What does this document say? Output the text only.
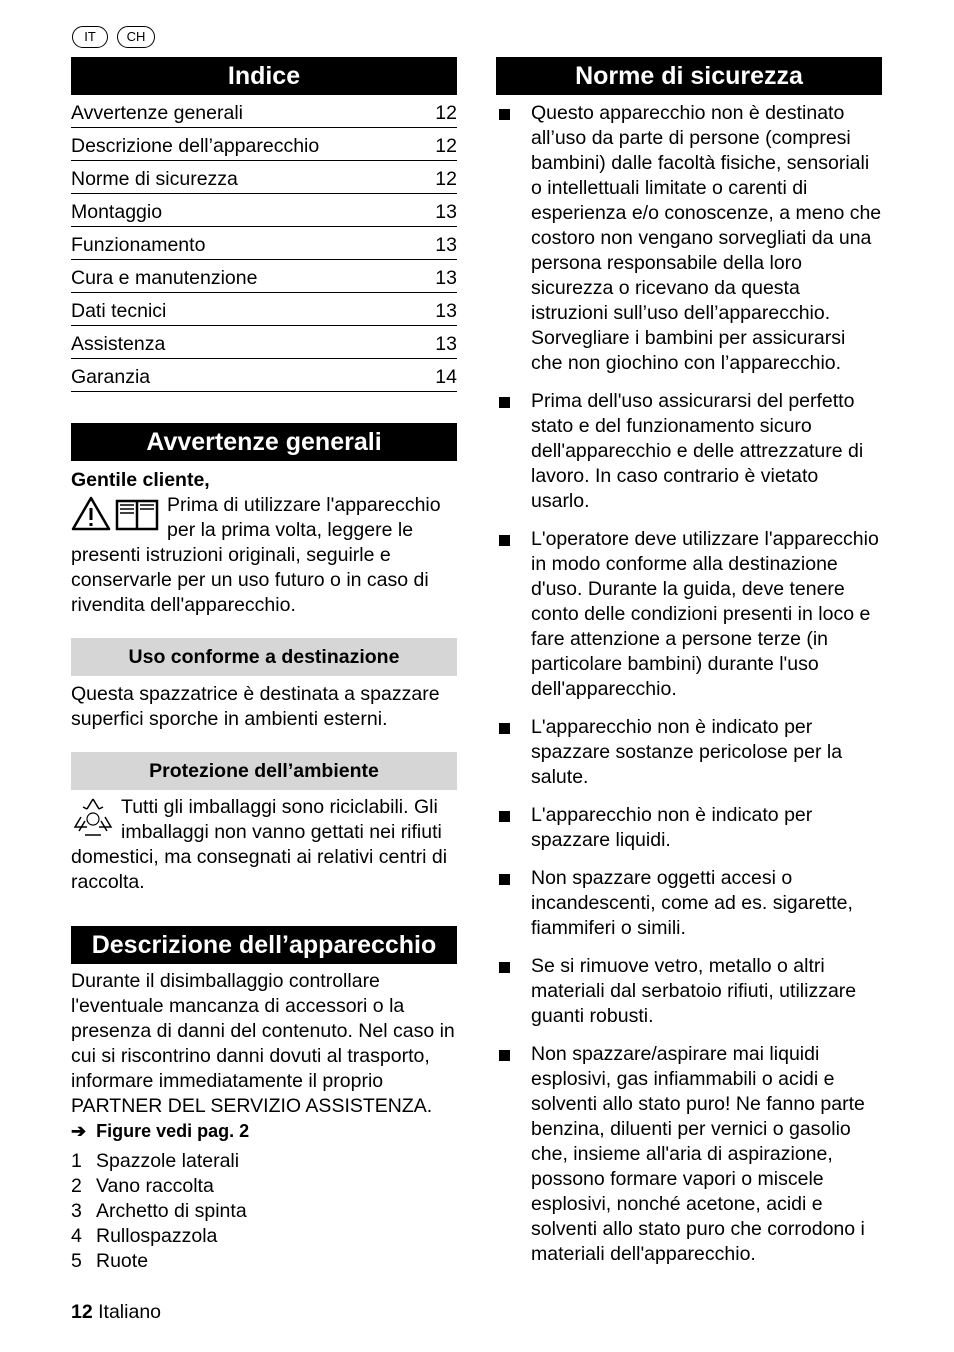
IT	CH
Indice
Avvertenze generali	12
Descrizione dell’apparecchio	12
Norme di sicurezza	12
Montaggio	13
Funzionamento	13
Cura e manutenzione	13
Dati tecnici	13
Assistenza	13
Garanzia	14
Avvertenze generali

Gentile cliente,

Prima di utilizzare l'apparecchio

per la prima volta, leggere le

presenti istruzioni originali, seguirle e conservarle per un uso futuro o in caso di rivendita dell'apparecchio.

Uso conforme a destinazione

Questa spazzatrice è destinata a spazzare superfici sporche in ambienti esterni.

Protezione dell’ambiente

Tutti gli imballaggi sono riciclabili. Gli imballaggi non vanno gettati nei rifiuti domestici, ma consegnati ai relativi centri di raccolta.

Descrizione dell’apparecchio

Durante il disimballaggio controllare l'eventuale mancanza di accessori o la presenza di danni del contenuto. Nel caso in cui si riscontrino danni dovuti al trasporto, informare immediatamente il proprio PARTNER DEL SERVIZIO ASSISTENZA.

➔ Figure vedi pag. 2

1 Spazzole laterali
2 Vano raccolta
3 Archetto di spinta
4 Rullospazzola
5 Ruote
Norme di sicurezza
Questo apparecchio non è destinato all’uso da parte di persone (compresi bambini) dalle facoltà fisiche, sensoriali o intellettuali limitate o carenti di esperienza e/o conoscenze, a meno che costoro non vengano sorvegliati da una persona responsabile della loro sicurezza o ricevano da questa istruzioni sull’uso dell’apparecchio. Sorvegliare i bambini per assicurarsi che non giochino con l’apparecchio.
Prima dell'uso assicurarsi del perfetto stato e del funzionamento sicuro dell'apparecchio e delle attrezzature di lavoro. In caso contrario è vietato usarlo.
L'operatore deve utilizzare l'apparecchio in modo conforme alla destinazione d'uso. Durante la guida, deve tenere conto delle condizioni presenti in loco e fare attenzione a persone terze (in particolare bambini) durante l'uso dell'apparecchio.
L'apparecchio non è indicato per spazzare sostanze pericolose per la salute.
L'apparecchio non è indicato per spazzare liquidi.
Non spazzare oggetti accesi o incandescenti, come ad es. sigarette, fiammiferi o simili.
Se si rimuove vetro, metallo o altri materiali dal serbatoio rifiuti, utilizzare guanti robusti.
Non spazzare/aspirare mai liquidi esplosivi, gas infiammabili o acidi e solventi allo stato puro! Ne fanno parte benzina, diluenti per vernici o gasolio che, insieme all'aria di aspirazione, possono formare vapori o miscele esplosivi, nonché acetone, acidi e solventi allo stato puro che corrodono i materiali dell'apparecchio.
12 Italiano
